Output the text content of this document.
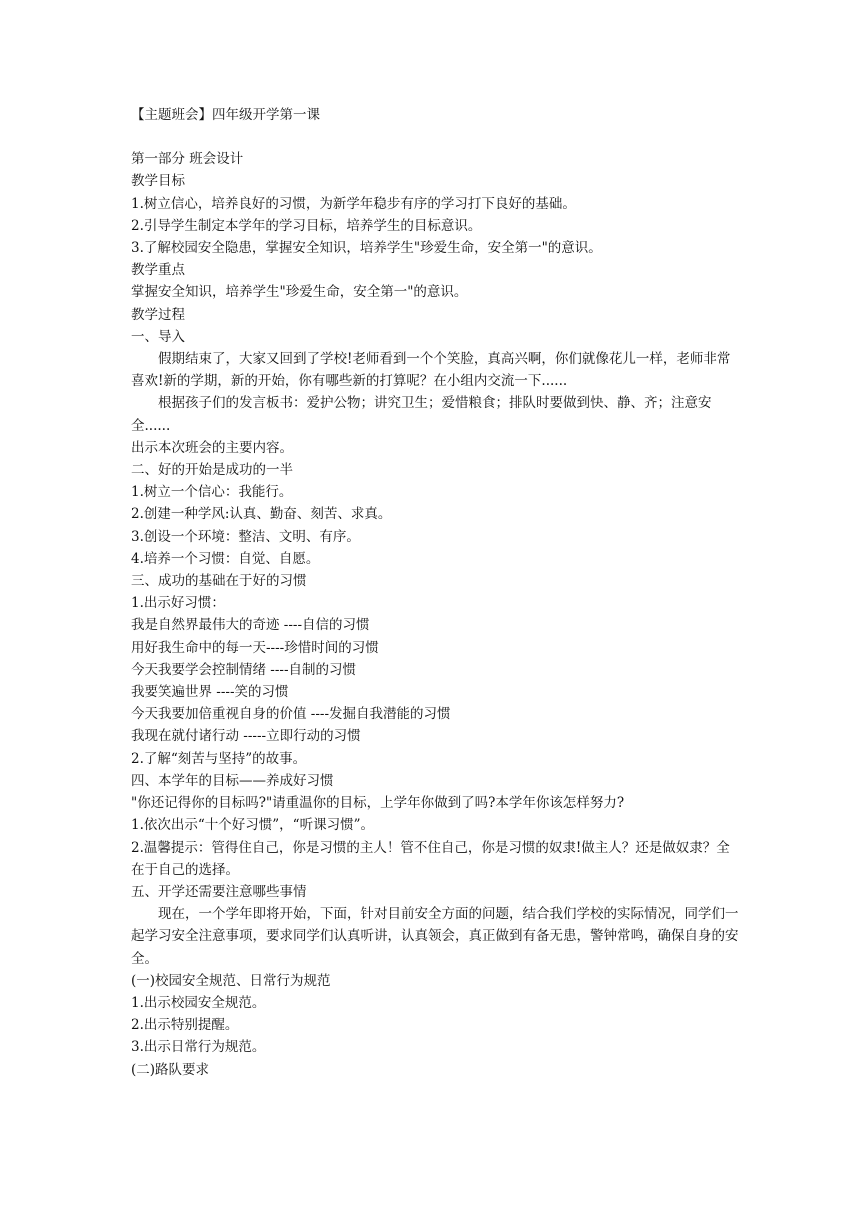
【主题班会】四年级开学第一课
第一部分 班会设计
教学目标
1.树立信心，培养良好的习惯，为新学年稳步有序的学习打下良好的基础。
2.引导学生制定本学年的学习目标，培养学生的目标意识。
3.了解校园安全隐患，掌握安全知识，培养学生"珍爱生命，安全第一"的意识。
教学重点
掌握安全知识，培养学生"珍爱生命，安全第一"的意识。
教学过程
一、导入
假期结束了，大家又回到了学校!老师看到一个个笑脸，真高兴啊，你们就像花儿一样，老师非常喜欢!新的学期，新的开始，你有哪些新的打算呢？在小组内交流一下......
根据孩子们的发言板书：爱护公物；讲究卫生；爱惜粮食；排队时要做到快、静、齐；注意安全......
出示本次班会的主要内容。
二、好的开始是成功的一半
1.树立一个信心：我能行。
2.创建一种学风:认真、勤奋、刻苦、求真。
3.创设一个环境：整洁、文明、有序。
4.培养一个习惯：自觉、自愿。
三、成功的基础在于好的习惯
1.出示好习惯：
我是自然界最伟大的奇迹 ----自信的习惯
用好我生命中的每一天----珍惜时间的习惯
今天我要学会控制情绪 ----自制的习惯
我要笑遍世界 ----笑的习惯
今天我要加倍重视自身的价值 ----发掘自我潜能的习惯
我现在就付诸行动 -----立即行动的习惯
2.了解“刻苦与坚持”的故事。
四、本学年的目标——养成好习惯
"你还记得你的目标吗?"请重温你的目标，上学年你做到了吗?本学年你该怎样努力?
1.依次出示“十个好习惯”，“听课习惯”。
2.温馨提示：管得住自己，你是习惯的主人！管不住自己，你是习惯的奴隶!做主人？还是做奴隶？全在于自己的选择。
五、开学还需要注意哪些事情
现在，一个学年即将开始，下面，针对目前安全方面的问题，结合我们学校的实际情况，同学们一起学习安全注意事项，要求同学们认真听讲，认真领会，真正做到有备无患，警钟常鸣，确保自身的安全。
(一)校园安全规范、日常行为规范
1.出示校园安全规范。
2.出示特别提醒。
3.出示日常行为规范。
(二)路队要求
